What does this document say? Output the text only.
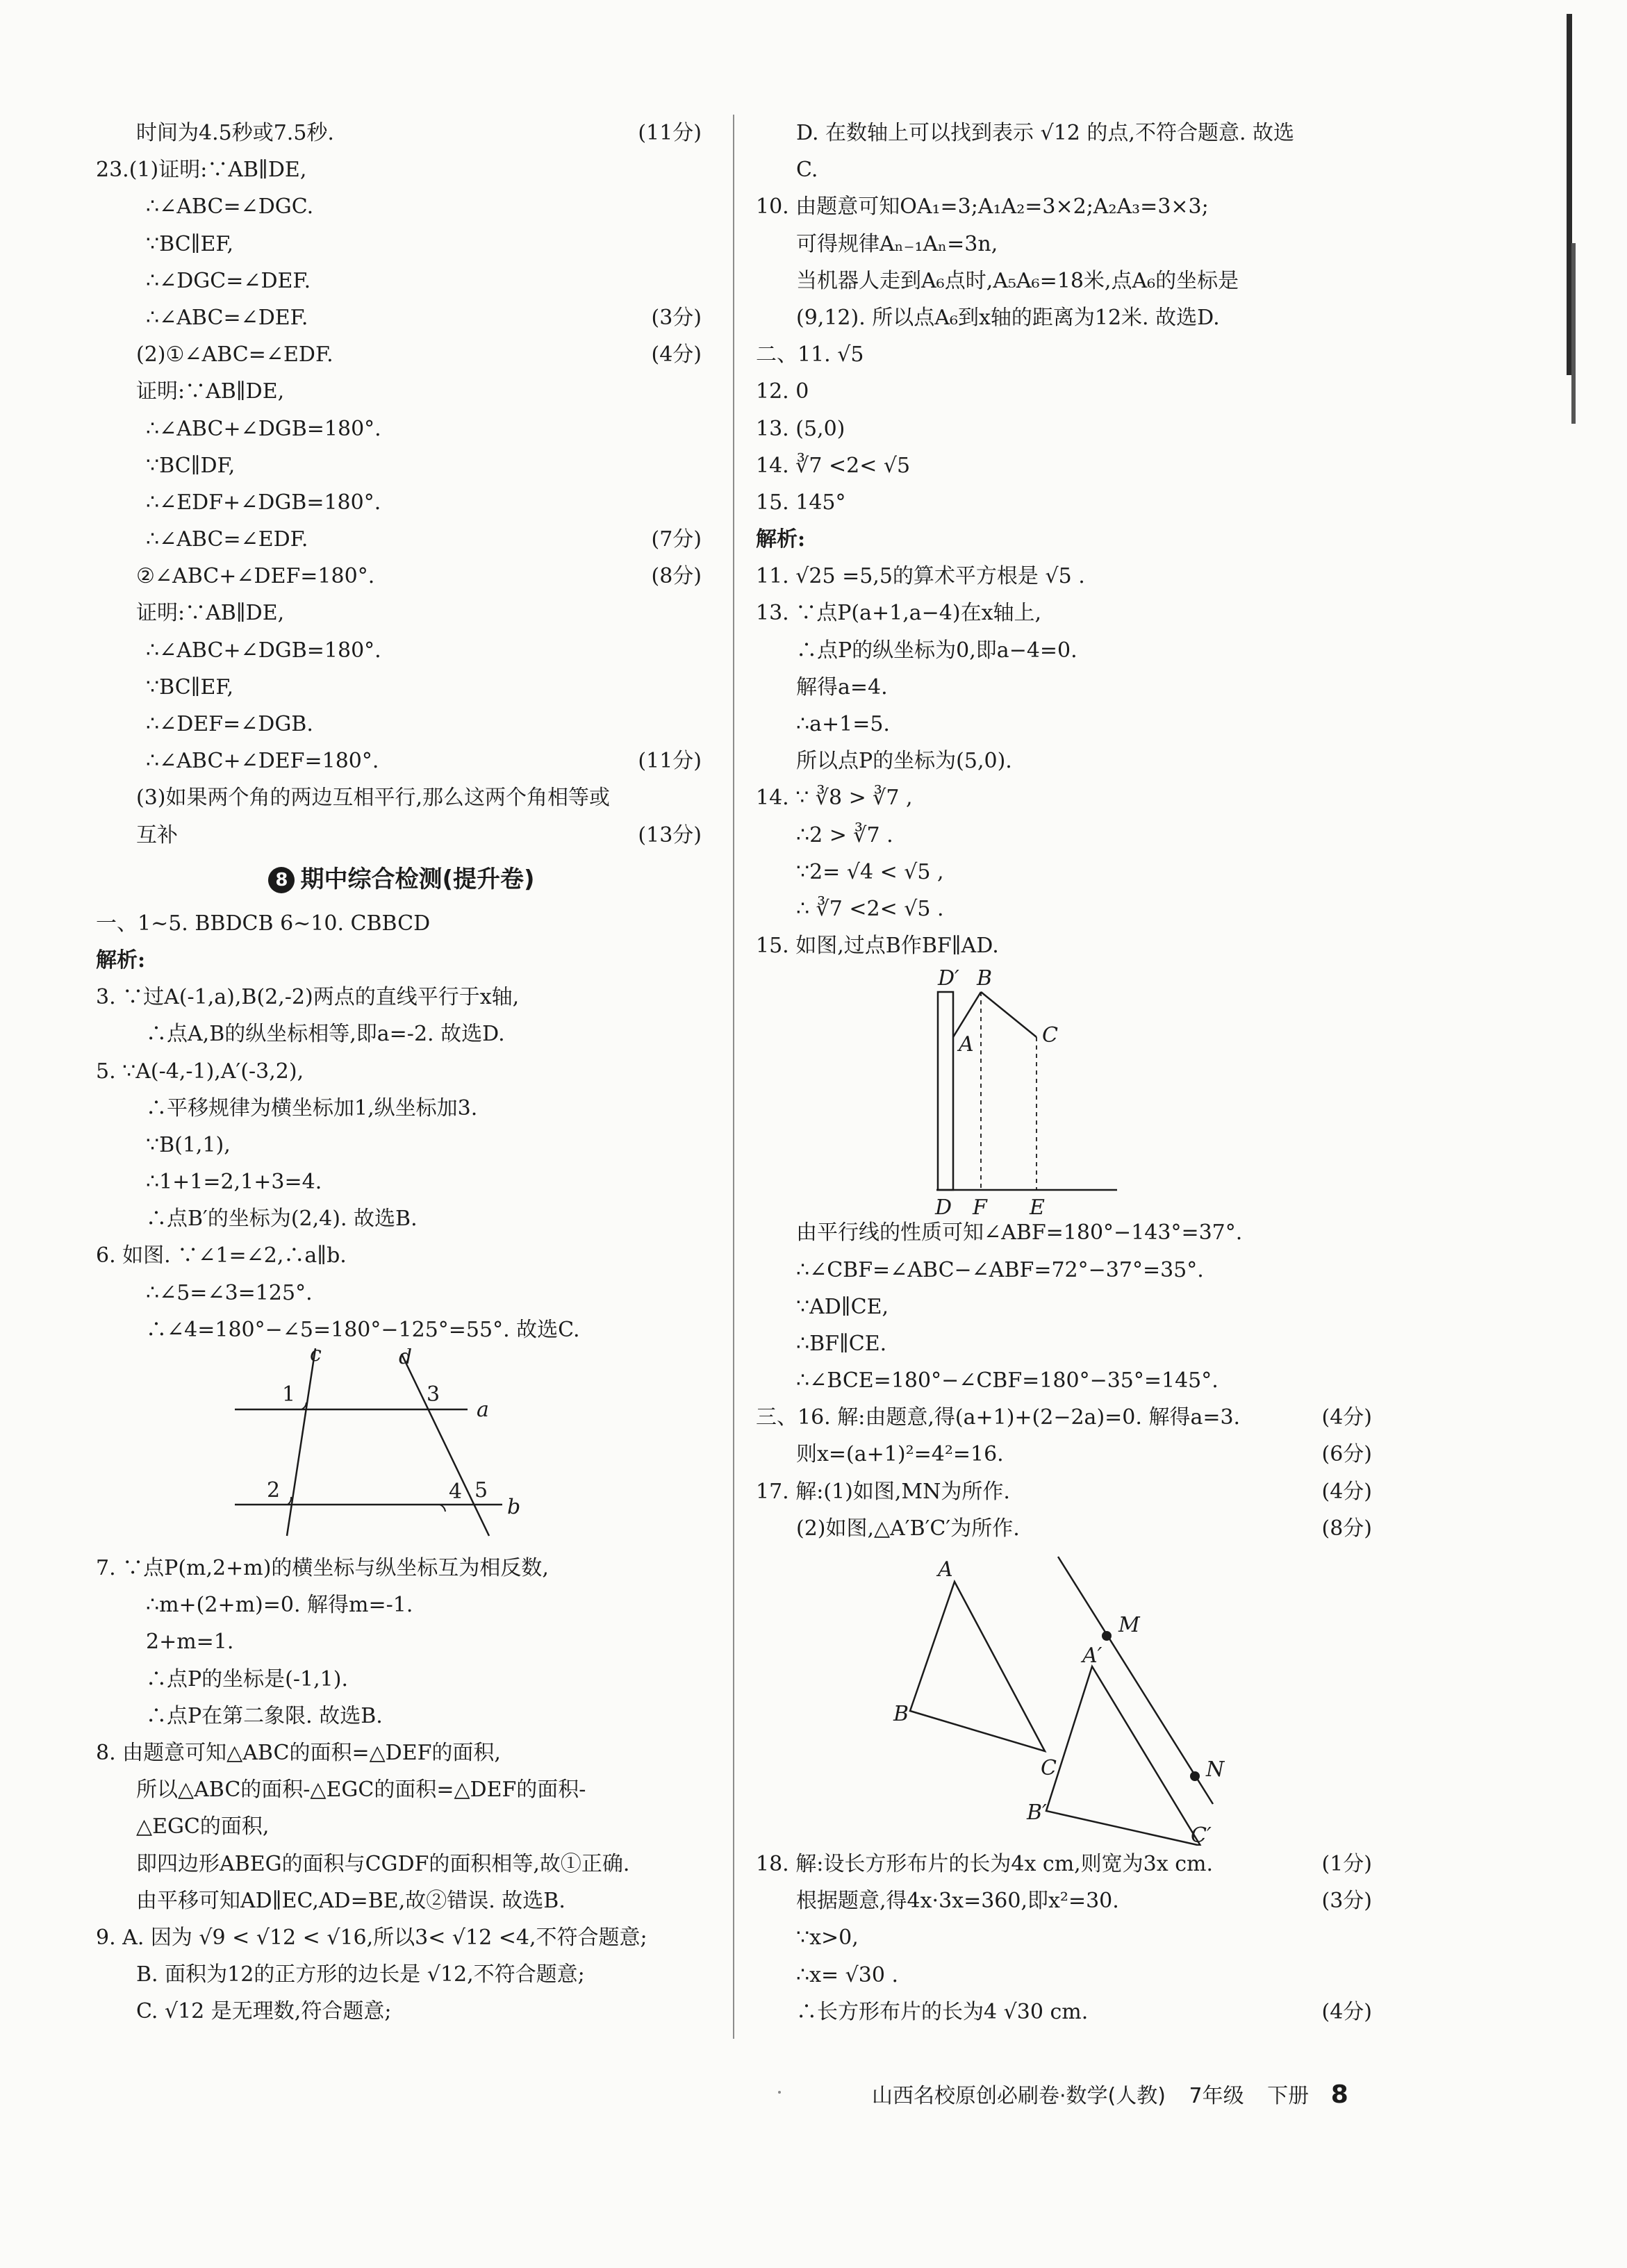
时间为4.5秒或7.5秒.	(11分)
23.(1)证明:∵AB∥DE,
∴∠ABC=∠DGC.
∵BC∥EF,
∴∠DGC=∠DEF.
∴∠ABC=∠DEF.	(3分)
(2)①∠ABC=∠EDF.	(4分)
证明:∵AB∥DE,
∴∠ABC+∠DGB=180°.
∵BC∥DF,
∴∠EDF+∠DGB=180°.
∴∠ABC=∠EDF.	(7分)
②∠ABC+∠DEF=180°.	(8分)
证明:∵AB∥DE,
∴∠ABC+∠DGB=180°.
∵BC∥EF,
∴∠DEF=∠DGB.
∴∠ABC+∠DEF=180°.	(11分)
(3)如果两个角的两边互相平行,那么这两个角相等或
互补	(13分)
8 期中综合检测(提升卷)
一、1~5. BBDCB 6~10. CBBCD
解析:
3. ∵过A(-1,a),B(2,-2)两点的直线平行于x轴,
∴点A,B的纵坐标相等,即a=-2. 故选D.
5. ∵A(-4,-1),A′(-3,2),
∴平移规律为横坐标加1,纵坐标加3.
∵B(1,1),
∴1+1=2,1+3=4.
∴点B′的坐标为(2,4). 故选B.
6. 如图. ∵∠1=∠2,∴a∥b.
∴∠5=∠3=125°.
∴∠4=180°−∠5=180°−125°=55°. 故选C.
c	d
1	3
a
2	4 5
b
7. ∵点P(m,2+m)的横坐标与纵坐标互为相反数,
∴m+(2+m)=0. 解得m=-1.
2+m=1.
∴点P的坐标是(-1,1).
∴点P在第二象限. 故选B.
8. 由题意可知△ABC的面积=△DEF的面积,
所以△ABC的面积-△EGC的面积=△DEF的面积-
△EGC的面积,
即四边形ABEG的面积与CGDF的面积相等,故①正确.
由平移可知AD∥EC,AD=BE,故②错误. 故选B.
9. A. 因为 √9 < √12 < √16,所以3< √12 <4,不符合题意;
B. 面积为12的正方形的边长是 √12,不符合题意;
C. √12 是无理数,符合题意;
D. 在数轴上可以找到表示 √12 的点,不符合题意. 故选
C.
10. 由题意可知OA₁=3;A₁A₂=3×2;A₂A₃=3×3;
可得规律Aₙ₋₁Aₙ=3n,
当机器人走到A₆点时,A₅A₆=18米,点A₆的坐标是
(9,12). 所以点A₆到x轴的距离为12米. 故选D.
二、11. √5
12. 0
13. (5,0)
14. ∛7 <2< √5
15. 145°
解析:
11. √25 =5,5的算术平方根是 √5 .
13. ∵点P(a+1,a−4)在x轴上,
∴点P的纵坐标为0,即a−4=0.
解得a=4.
∴a+1=5.
所以点P的坐标为(5,0).
14. ∵ ∛8 > ∛7 ,
∴2 > ∛7 .
∵2= √4 < √5 ,
∴ ∛7 <2< √5 .
15. 如图,过点B作BF∥AD.
D′ B
A	C
D F E
由平行线的性质可知∠ABF=180°−143°=37°.
∴∠CBF=∠ABC−∠ABF=72°−37°=35°.
∵AD∥CE,
∴BF∥CE.
∴∠BCE=180°−∠CBF=180°−35°=145°.
三、16. 解:由题意,得(a+1)+(2−2a)=0. 解得a=3.	(4分)
则x=(a+1)²=4²=16.	(6分)
17. 解:(1)如图,MN为所作.	(4分)
(2)如图,△A′B′C′为所作.	(8分)
A
B
C
M
N
A′
B′
C′
18. 解:设长方形布片的长为4x cm,则宽为3x cm.	(1分)
根据题意,得4x·3x=360,即x²=30.	(3分)
∵x>0,
∴x= √30 .
∴长方形布片的长为4 √30 cm.	(4分)
山西名校原创必刷卷·数学(人教) 7年级 下册 8
